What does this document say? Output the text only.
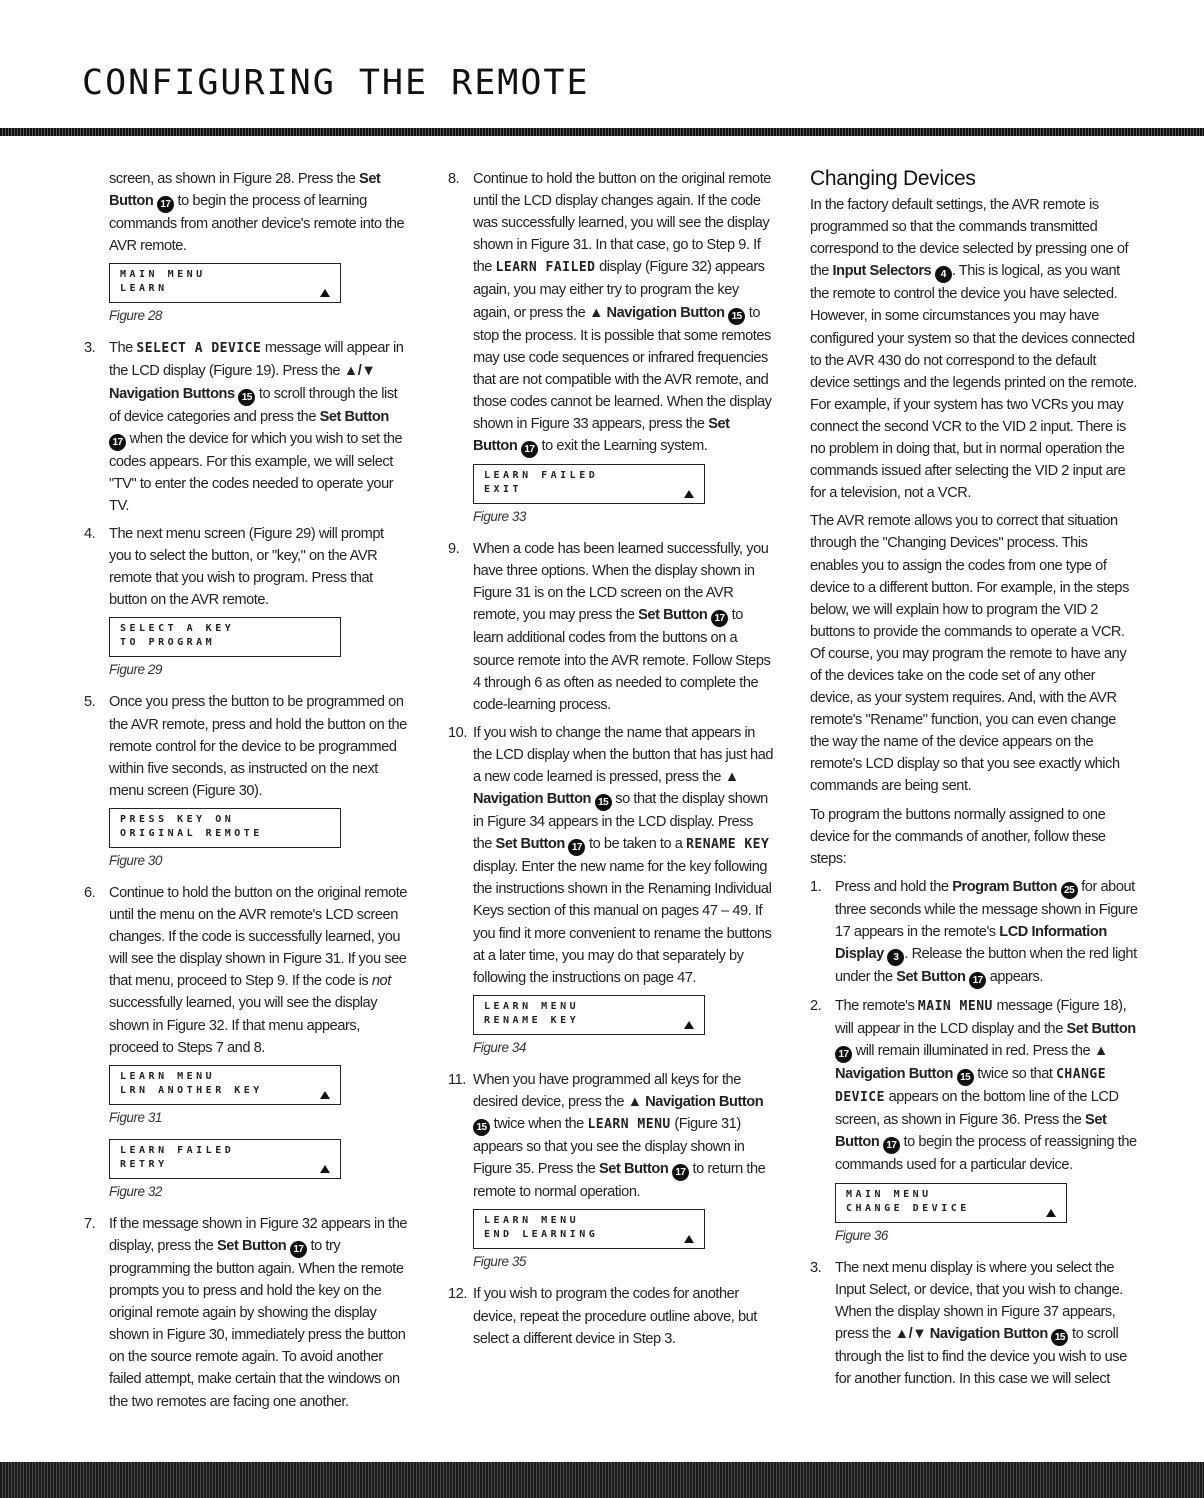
CONFIGURING THE REMOTE

screen, as shown in Figure 28. Press the Set Button 17 to begin the process of learning commands from another device's remote into the AVR remote.

MAIN MENU
LEARN
Figure 28
3. The SELECT A DEVICE message will appear in the LCD display (Figure 19). Press the ▲/▼ Navigation Buttons 15 to scroll through the list of device categories and press the Set Button 17 when the device for which you wish to set the codes appears. For this example, we will select "TV" to enter the codes needed to operate your TV.
4. The next menu screen (Figure 29) will prompt you to select the button, or "key," on the AVR remote that you wish to program. Press that button on the AVR remote.
SELECT A KEY
TO PROGRAM
Figure 29
5. Once you press the button to be programmed on the AVR remote, press and hold the button on the remote control for the device to be programmed within five seconds, as instructed on the next menu screen (Figure 30).
PRESS KEY ON
ORIGINAL REMOTE
Figure 30
6. Continue to hold the button on the original remote until the menu on the AVR remote's LCD screen changes. If the code is successfully learned, you will see the display shown in Figure 31. If you see that menu, proceed to Step 9. If the code is not successfully learned, you will see the display shown in Figure 32. If that menu appears, proceed to Steps 7 and 8.
LEARN MENU
LRN ANOTHER KEY
Figure 31
LEARN FAILED
RETRY
Figure 32
7. If the message shown in Figure 32 appears in the display, press the Set Button 17 to try programming the button again. When the remote prompts you to press and hold the key on the original remote again by showing the display shown in Figure 30, immediately press the button on the source remote again. To avoid another failed attempt, make certain that the windows on the two remotes are facing one another.
8. Continue to hold the button on the original remote until the LCD display changes again. If the code was successfully learned, you will see the display shown in Figure 31. In that case, go to Step 9. If the LEARN FAILED display (Figure 32) appears again, you may either try to program the key again, or press the ▲ Navigation Button 15 to stop the process. It is possible that some remotes may use code sequences or infrared frequencies that are not compatible with the AVR remote, and those codes cannot be learned. When the display shown in Figure 33 appears, press the Set Button 17 to exit the Learning system.
LEARN FAILED
EXIT
Figure 33
9. When a code has been learned successfully, you have three options. When the display shown in Figure 31 is on the LCD screen on the AVR remote, you may press the Set Button 17 to learn additional codes from the buttons on a source remote into the AVR remote. Follow Steps 4 through 6 as often as needed to complete the code-learning process.
10. If you wish to change the name that appears in the LCD display when the button that has just had a new code learned is pressed, press the ▲ Navigation Button 15 so that the display shown in Figure 34 appears in the LCD display. Press the Set Button 17 to be taken to a RENAME KEY display. Enter the new name for the key following the instructions shown in the Renaming Individual Keys section of this manual on pages 47 – 49. If you find it more convenient to rename the buttons at a later time, you may do that separately by following the instructions on page 47.
LEARN MENU
RENAME KEY
Figure 34
11. When you have programmed all keys for the desired device, press the ▲ Navigation Button 15 twice when the LEARN MENU (Figure 31) appears so that you see the display shown in Figure 35. Press the Set Button 17 to return the remote to normal operation.
LEARN MENU
END LEARNING
Figure 35
12. If you wish to program the codes for another device, repeat the procedure outline above, but select a different device in Step 3.
Changing Devices

In the factory default settings, the AVR remote is programmed so that the commands transmitted correspond to the device selected by pressing one of the Input Selectors 4 . This is logical, as you want the remote to control the device you have selected. However, in some circumstances you may have configured your system so that the devices connected to the AVR 430 do not correspond to the default device settings and the legends printed on the remote. For example, if your system has two VCRs you may connect the second VCR to the VID 2 input. There is no problem in doing that, but in normal operation the commands issued after selecting the VID 2 input are for a television, not a VCR.

The AVR remote allows you to correct that situation through the "Changing Devices" process. This enables you to assign the codes from one type of device to a different button. For example, in the steps below, we will explain how to program the VID 2 buttons to provide the commands to operate a VCR. Of course, you may program the remote to have any of the devices take on the code set of any other device, as your system requires. And, with the AVR remote's "Rename" function, you can even change the way the name of the device appears on the remote's LCD display so that you see exactly which commands are being sent.

To program the buttons normally assigned to one device for the commands of another, follow these steps:

1. Press and hold the Program Button 25 for about three seconds while the message shown in Figure 17 appears in the remote's LCD Information Display 3 . Release the button when the red light under the Set Button 17 appears.
2. The remote's MAIN MENU message (Figure 18), will appear in the LCD display and the Set Button 17 will remain illuminated in red. Press the ▲ Navigation Button 15 twice so that CHANGE DEVICE appears on the bottom line of the LCD screen, as shown in Figure 36. Press the Set Button 17 to begin the process of reassigning the commands used for a particular device.
MAIN MENU
CHANGE DEVICE
Figure 36
3. The next menu display is where you select the Input Select, or device, that you wish to change. When the display shown in Figure 37 appears, press the ▲/▼ Navigation Button 15 to scroll through the list to find the device you wish to use for another function. In this case we will select
